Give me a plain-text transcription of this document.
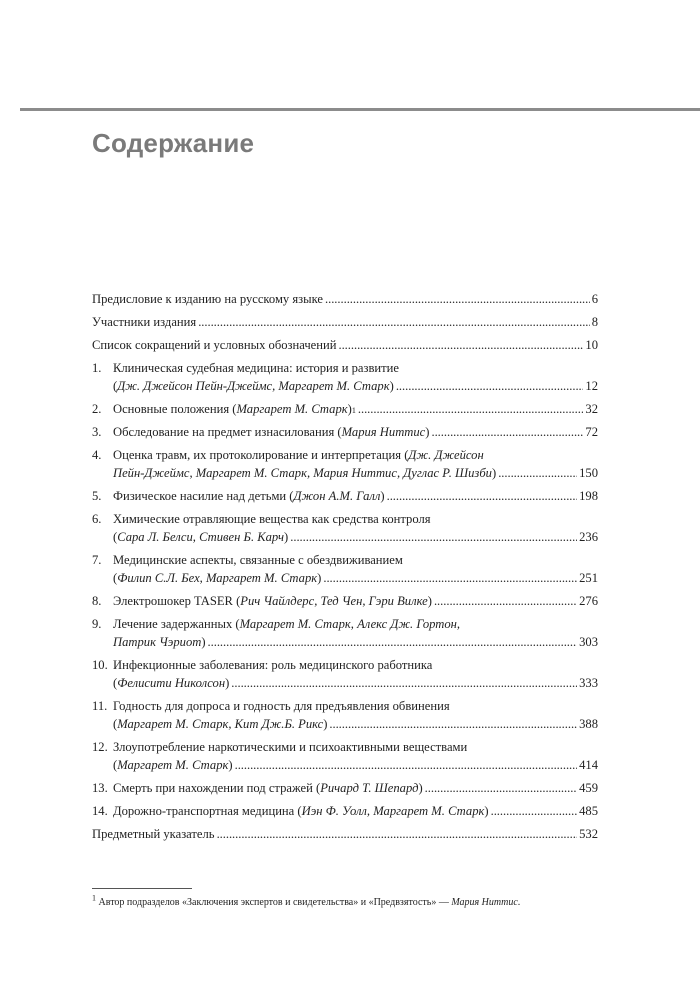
Содержание
Предисловие к изданию на русскому языке . . .	6
Участники издания . . .	8
Список сокращений и условных обозначений . . .	10
1. Клиническая судебная медицина: история и развитие
( Дж. Джейсон Пейн-Джеймс, Маргарет М. Старк ) . . .	12
2. Основные положения ( Маргарет М. Старк ) 1 . . .	32
3. Обследование на предмет изнасилования ( Мария Ниттис ) . . .	72
4. Оценка травм, их протоколирование и интерпретация ( Дж. Джейсон
Пейн-Джеймс, Маргарет М. Старк, Мария Ниттис, Дуглас Р. Шизби ) . . .	150
5. Физическое насилие над детьми ( Джон А.М. Галл ) . . .	198
6. Химические отравляющие вещества как средства контроля
( Сара Л. Белси, Стивен Б. Карч ) . . .	236
7. Медицинские аспекты, связанные с обездвиживанием
( Филип С.Л. Бех, Маргарет М. Старк ) . . .	251
8. Электрошокер TASER ( Рич Чайлдерс, Тед Чен, Гэри Вилке ) . . .	276
9. Лечение задержанных ( Маргарет М. Старк, Алекс Дж. Гортон,
Патрик Чэриот ) . . .	303
10. Инфекционные заболевания: роль медицинского работника
( Фелисити Николсон ) . . .	333
11. Годность для допроса и годность для предъявления обвинения
( Маргарет М. Старк, Кит Дж.Б. Рикс ) . . .	388
12. Злоупотребление наркотическими и психоактивными веществами
( Маргарет М. Старк ) . . .	414
13. Смерть при нахождении под стражей ( Ричард Т. Шепард ) . . .	459
14. Дорожно-транспортная медицина ( Иэн Ф. Уолл, Маргарет М. Старк ) . . .	485
Предметный указатель . . .	532
$^1$ Автор подразделов «Заключения экспертов и свидетельства» и «Предвзятость» — Мария Ниттис.
